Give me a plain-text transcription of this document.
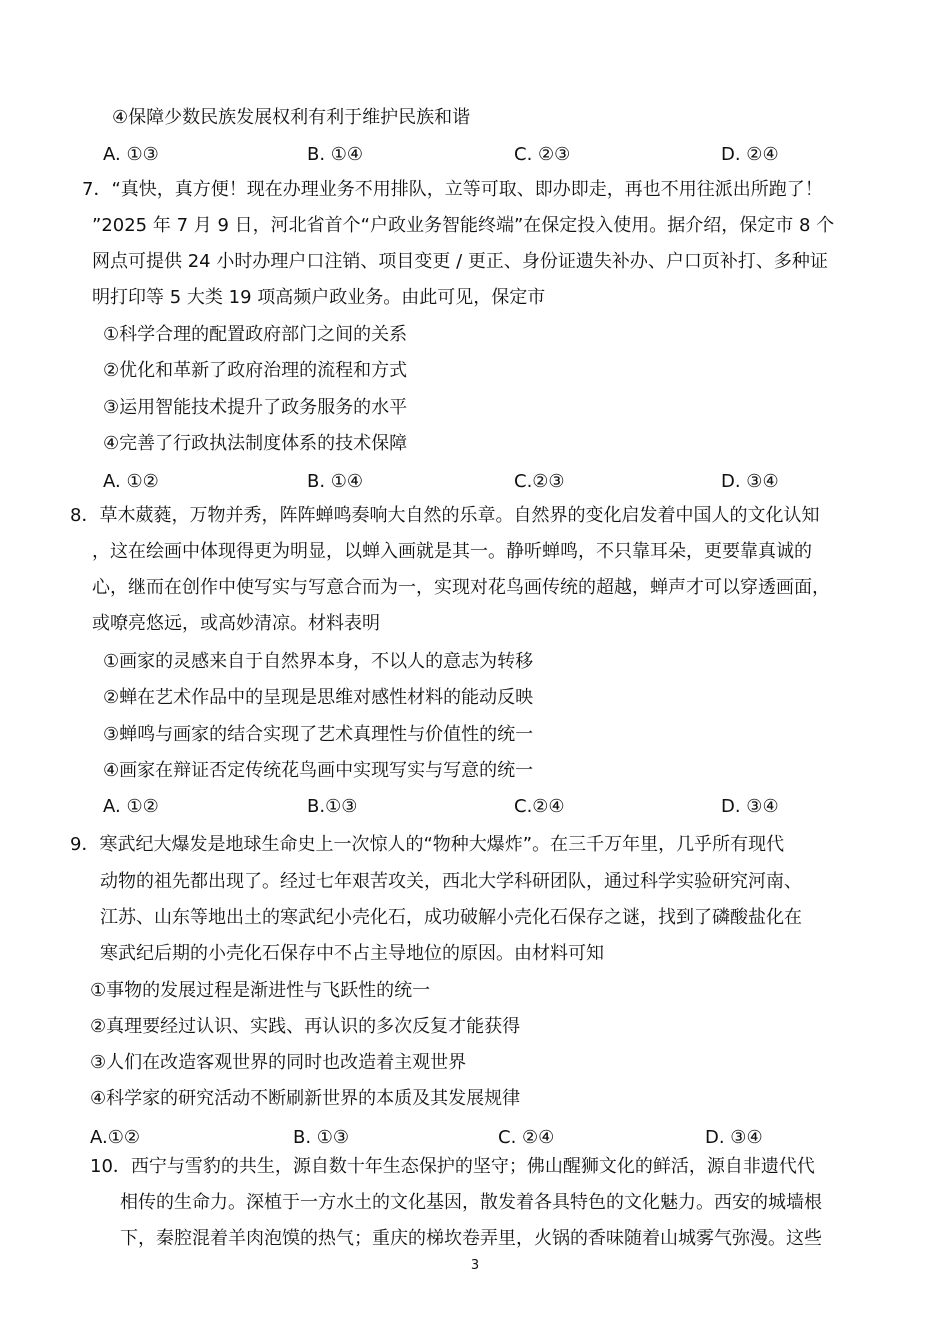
④保障少数民族发展权利有利于维护民族和谐
A. ①③	B. ①④	C. ②③	D. ②④
7．“真快，真方便！现在办理业务不用排队，立等可取、即办即走，再也不用往派出所跑了！
”2025 年 7 月 9 日，河北省首个“户政业务智能终端”在保定投入使用。据介绍，保定市 8 个
网点可提供 24 小时办理户口注销、项目变更 / 更正、身份证遗失补办、户口页补打、多种证
明打印等 5 大类 19 项高频户政业务。由此可见，保定市
①科学合理的配置政府部门之间的关系
②优化和革新了政府治理的流程和方式
③运用智能技术提升了政务服务的水平
④完善了行政执法制度体系的技术保障
A. ①②	B. ①④	C.②③	D. ③④
8．草木葳蕤，万物并秀，阵阵蝉鸣奏响大自然的乐章。自然界的变化启发着中国人的文化认知
，这在绘画中体现得更为明显，以蝉入画就是其一。静听蝉鸣，不只靠耳朵，更要靠真诚的
心，继而在创作中使写实与写意合而为一，实现对花鸟画传统的超越，蝉声才可以穿透画面，
或嘹亮悠远，或高妙清凉。材料表明
①画家的灵感来自于自然界本身，不以人的意志为转移
②蝉在艺术作品中的呈现是思维对感性材料的能动反映
③蝉鸣与画家的结合实现了艺术真理性与价值性的统一
④画家在辩证否定传统花鸟画中实现写实与写意的统一
A. ①②	B.①③	C.②④	D. ③④
9．寒武纪大爆发是地球生命史上一次惊人的“物种大爆炸”。在三千万年里，几乎所有现代
动物的祖先都出现了。经过七年艰苦攻关，西北大学科研团队，通过科学实验研究河南、
江苏、山东等地出土的寒武纪小壳化石，成功破解小壳化石保存之谜，找到了磷酸盐化在
寒武纪后期的小壳化石保存中不占主导地位的原因。由材料可知
①事物的发展过程是渐进性与飞跃性的统一
②真理要经过认识、实践、再认识的多次反复才能获得
③人们在改造客观世界的同时也改造着主观世界
④科学家的研究活动不断刷新世界的本质及其发展规律
A.①②	B. ①③	C. ②④	D. ③④
10．西宁与雪豹的共生，源自数十年生态保护的坚守；佛山醒狮文化的鲜活，源自非遗代代
相传的生命力。深植于一方水土的文化基因，散发着各具特色的文化魅力。西安的城墙根
下，秦腔混着羊肉泡馍的热气；重庆的梯坎卷弄里，火锅的香味随着山城雾气弥漫。这些
3
